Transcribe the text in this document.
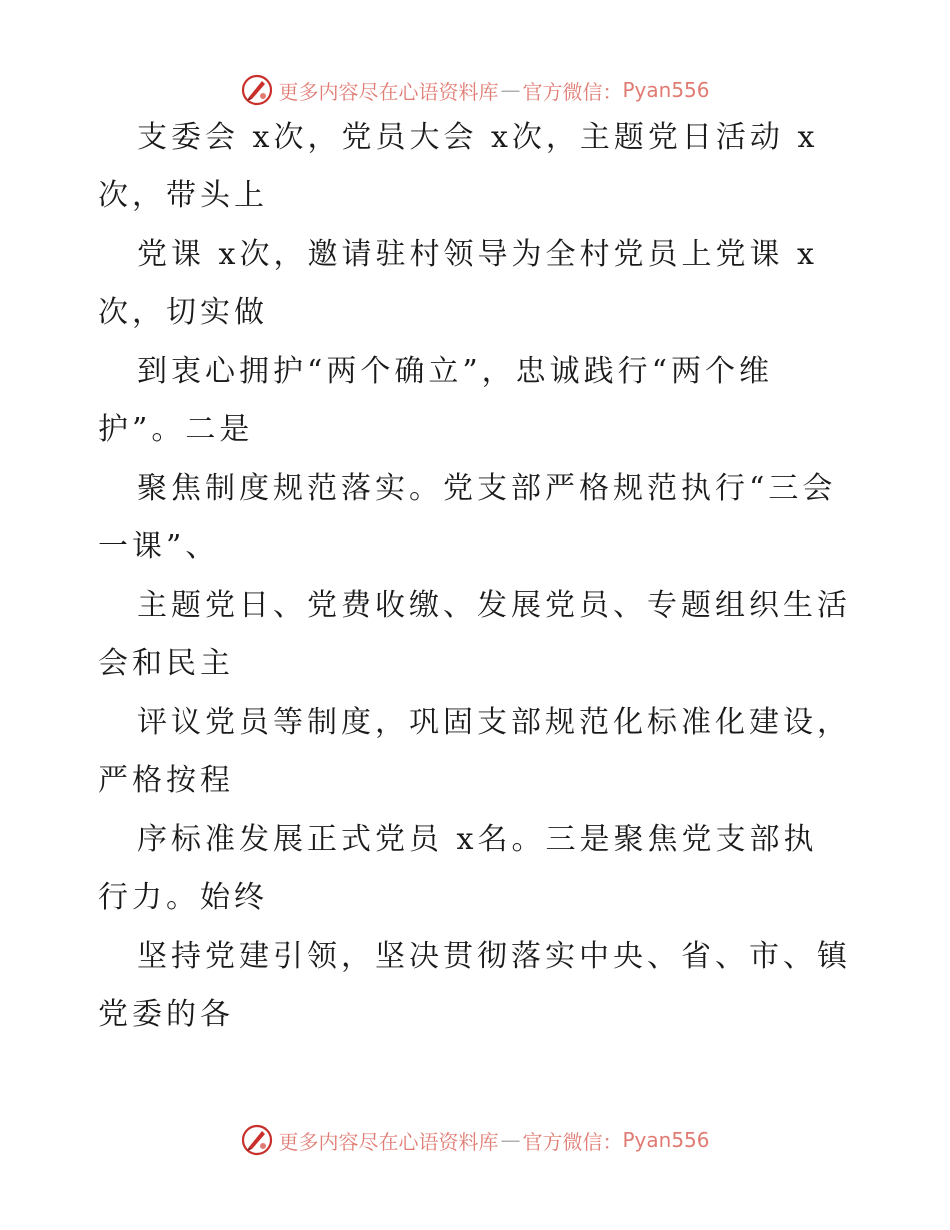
更多内容尽在心语资料库 — 官方微信： Pyan556
支委会 x次，党员大会 x次，主题党日活动 x
次，带头上
党课 x次，邀请驻村领导为全村党员上党课 x
次，切实做
到衷心拥护“两个确立”，忠诚践行“两个维
护”。二是
聚焦制度规范落实。党支部严格规范执行“三会
一课”、
主题党日、党费收缴、发展党员、专题组织生活
会和民主
评议党员等制度，巩固支部规范化标准化建设，
严格按程
序标准发展正式党员 x名。三是聚焦党支部执
行力。始终
坚持党建引领，坚决贯彻落实中央、省、市、镇
党委的各
更多内容尽在心语资料库 — 官方微信： Pyan556
